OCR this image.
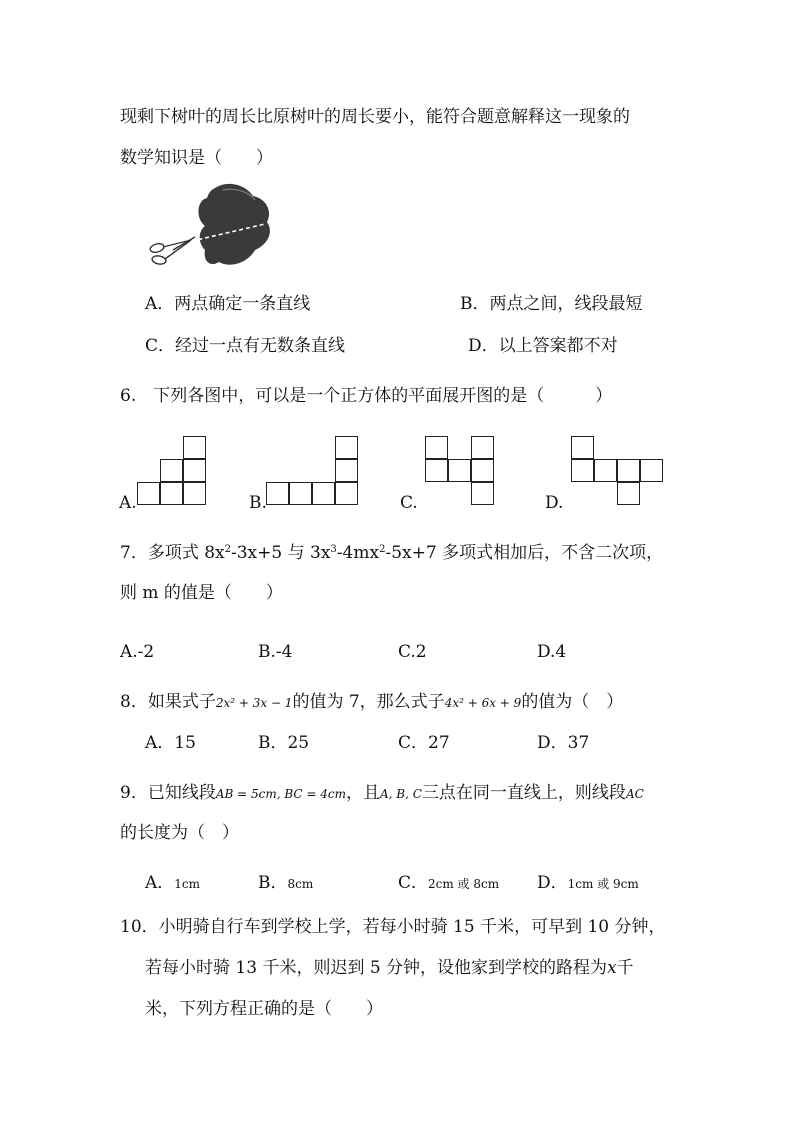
现剩下树叶的周长比原树叶的周长要小，能符合题意解释这一现象的
数学知识是（　　）
A．两点确定一条直线	B．两点之间，线段最短
C．经过一点有无数条直线	D．以上答案都不对
6.　下列各图中，可以是一个正方体的平面展开图的是（　　　）
A.	B.	C.	D.
7．多项式 $8x^2-3x+5$ 与 $3x^3-4mx^2-5x+7$ 多项式相加后，不含二次项，
则 m 的值是（　　）
A.-2	B.-4	C.2	D.4
8．如果式子2x² + 3x − 1的值为 7，那么式子4x² + 6x + 9的值为（　）
A．15	B．25	C．27	D．37
9．已知线段AB = 5cm, BC = 4cm，且A, B, C三点在同一直线上，则线段AC
的长度为（　）
A．1cm	B．8cm	C．2cm 或 8cm D．1cm 或 9cm
10．小明骑自行车到学校上学，若每小时骑 15 千米，可早到 10 分钟，
若每小时骑 13 千米，则迟到 5 分钟，设他家到学校的路程为x千
米，下列方程正确的是（　　）
